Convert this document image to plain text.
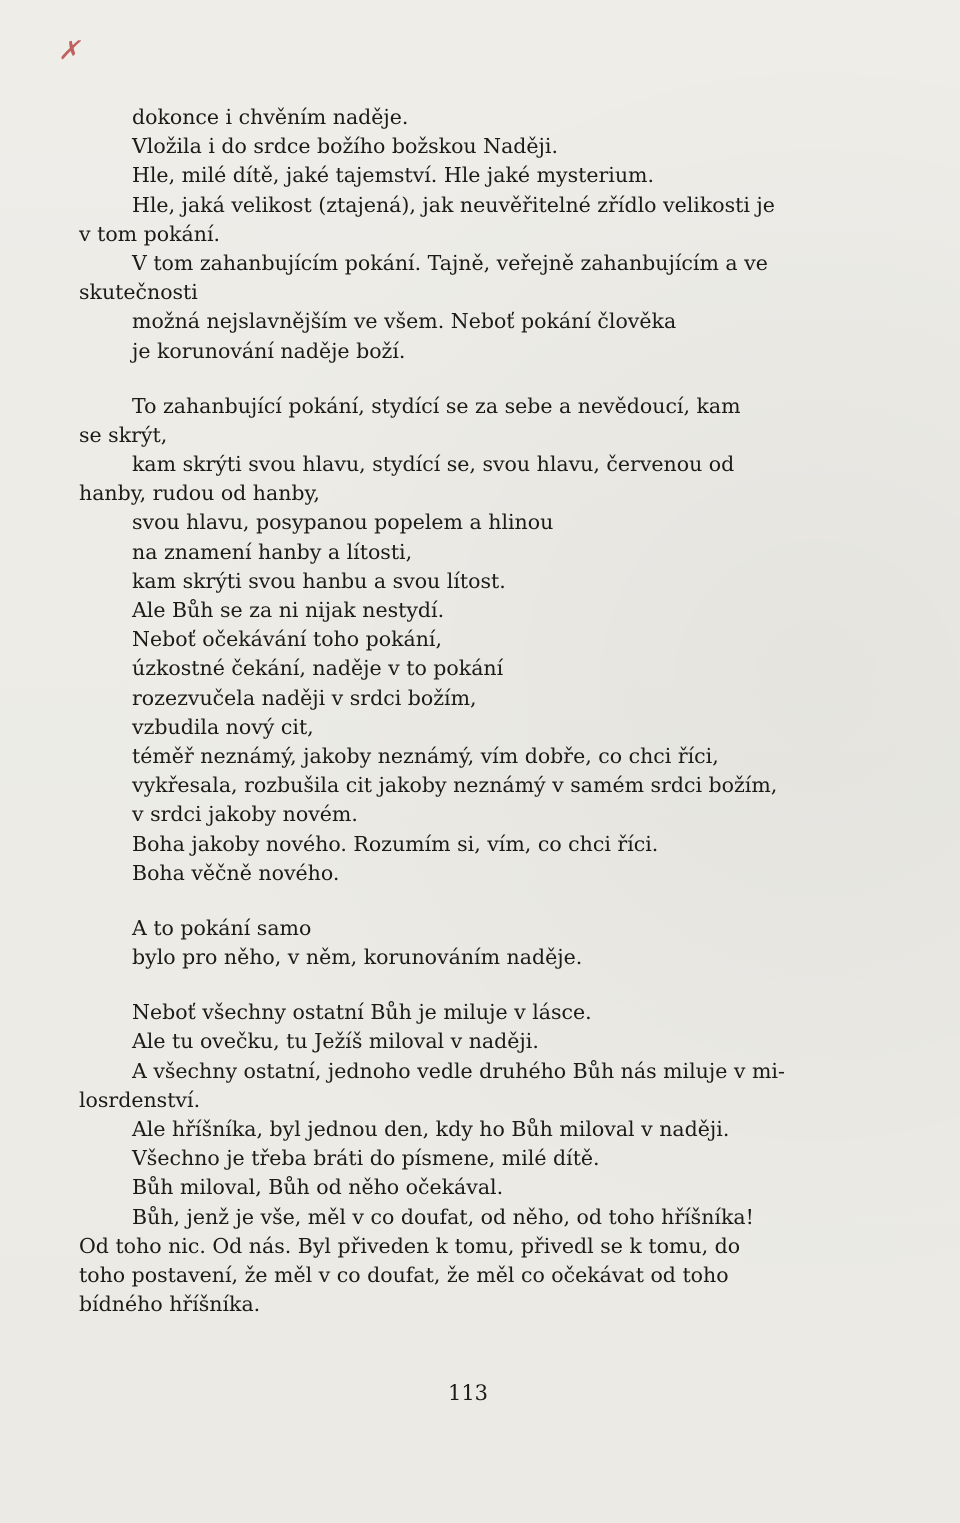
✗
dokonce i chvěním naděje.
Vložila i do srdce božího božskou Naději.
Hle, milé dítě, jaké tajemství. Hle jaké mysterium.
Hle, jaká velikost (ztajená), jak neuvěřitelné zřídlo velikosti je
v tom pokání.
V tom zahanbujícím pokání. Tajně, veřejně zahanbujícím a ve
skutečnosti
možná nejslavnějším ve všem. Neboť pokání člověka
je korunování naděje boží.
To zahanbující pokání, stydící se za sebe a nevědoucí, kam
se skrýt,
kam skrýti svou hlavu, stydící se, svou hlavu, červenou od
hanby, rudou od hanby,
svou hlavu, posypanou popelem a hlinou
na znamení hanby a lítosti,
kam skrýti svou hanbu a svou lítost.
Ale Bůh se za ni nijak nestydí.
Neboť očekávání toho pokání,
úzkostné čekání, naděje v to pokání
rozezvučela naději v srdci božím,
vzbudila nový cit,
téměř neznámý, jakoby neznámý, vím dobře, co chci říci,
vykřesala, rozbušila cit jakoby neznámý v samém srdci božím,
v srdci jakoby novém.
Boha jakoby nového. Rozumím si, vím, co chci říci.
Boha věčně nového.
A to pokání samo
bylo pro něho, v něm, korunováním naděje.
Neboť všechny ostatní Bůh je miluje v lásce.
Ale tu ovečku, tu Ježíš miloval v naději.
A všechny ostatní, jednoho vedle druhého Bůh nás miluje v mi-
losrdenství.
Ale hříšníka, byl jednou den, kdy ho Bůh miloval v naději.
Všechno je třeba bráti do písmene, milé dítě.
Bůh miloval, Bůh od něho očekával.
Bůh, jenž je vše, měl v co doufat, od něho, od toho hříšníka!
Od toho nic. Od nás. Byl přiveden k tomu, přivedl se k tomu, do
toho postavení, že měl v co doufat, že měl co očekávat od toho
bídného hříšníka.
113
